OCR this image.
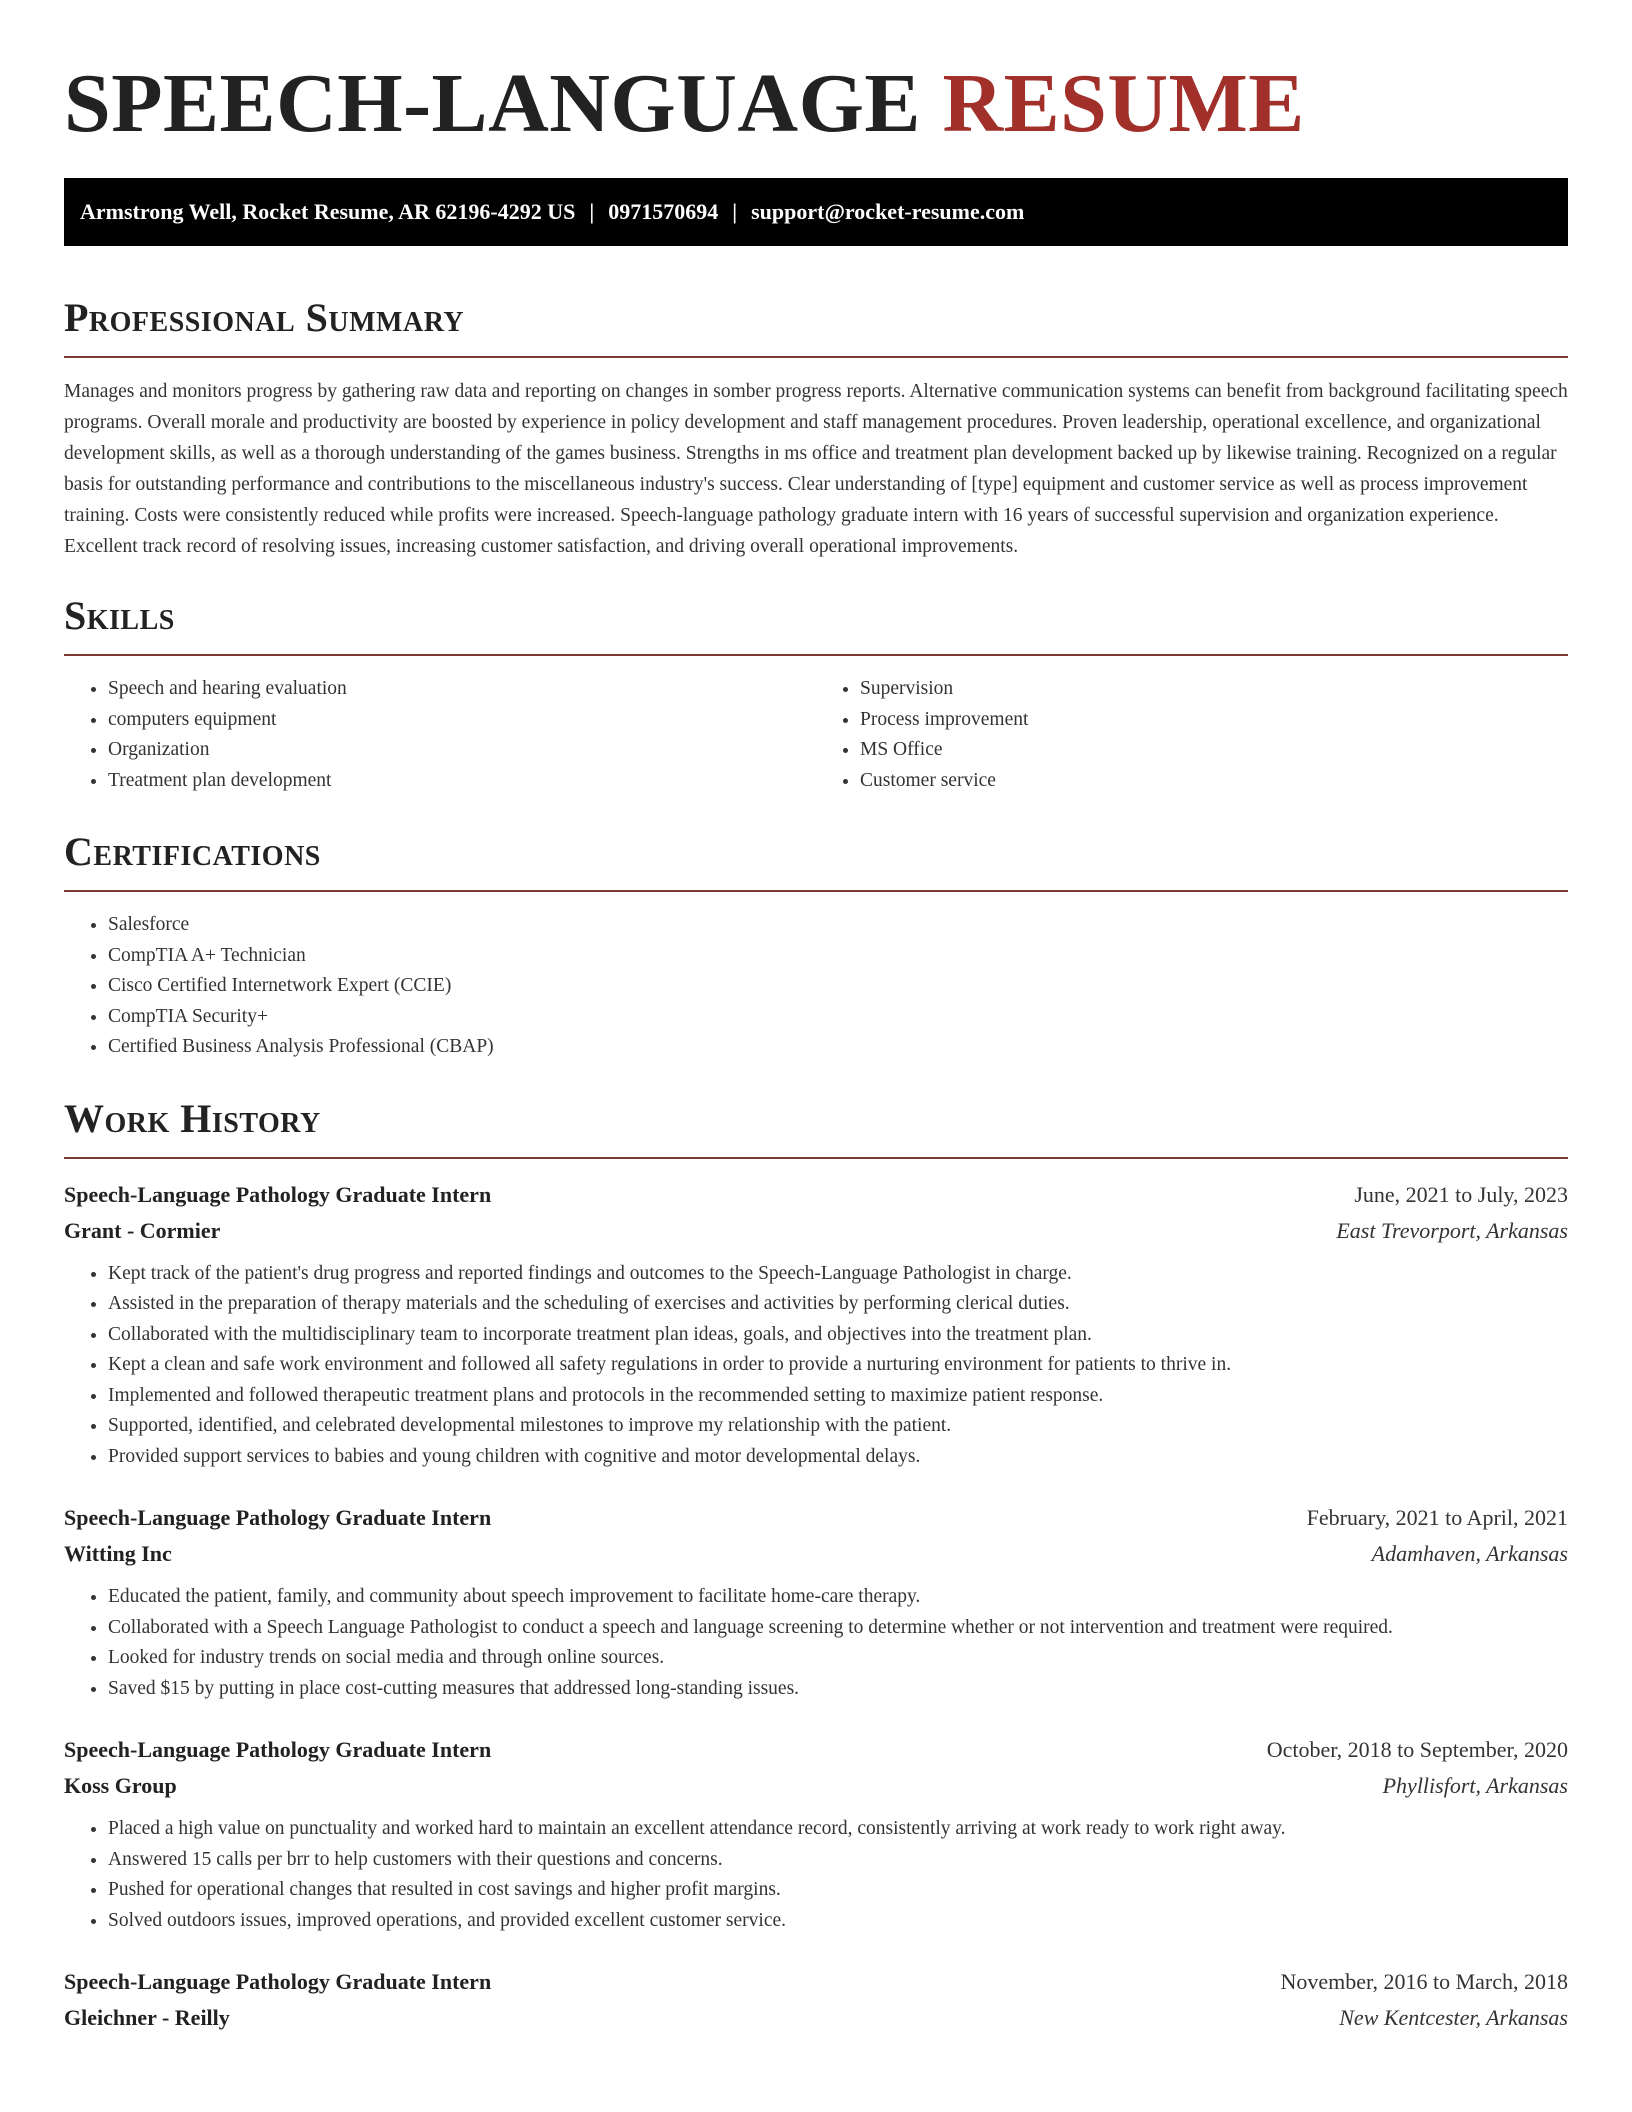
SPEECH-LANGUAGE RESUME
Armstrong Well, Rocket Resume, AR 62196-4292 US | 0971570694 | support@rocket-resume.com
Professional Summary

Manages and monitors progress by gathering raw data and reporting on changes in somber progress reports. Alternative communication systems can benefit from background facilitating speech programs. Overall morale and productivity are boosted by experience in policy development and staff management procedures. Proven leadership, operational excellence, and organizational development skills, as well as a thorough understanding of the games business. Strengths in ms office and treatment plan development backed up by likewise training. Recognized on a regular basis for outstanding performance and contributions to the miscellaneous industry's success. Clear understanding of [type] equipment and customer service as well as process improvement training. Costs were consistently reduced while profits were increased. Speech-language pathology graduate intern with 16 years of successful supervision and organization experience. Excellent track record of resolving issues, increasing customer satisfaction, and driving overall operational improvements.

Skills
• Speech and hearing evaluation
• computers equipment
• Organization
• Treatment plan development
• Supervision
• Process improvement
• MS Office
• Customer service
Certifications
• Salesforce
• CompTIA A+ Technician
• Cisco Certified Internetwork Expert (CCIE)
• CompTIA Security+
• Certified Business Analysis Professional (CBAP)
Work History
Speech-Language Pathology Graduate Intern	June, 2021 to July, 2023
Grant - Cormier	East Trevorport, Arkansas
• Kept track of the patient's drug progress and reported findings and outcomes to the Speech-Language Pathologist in charge.
• Assisted in the preparation of therapy materials and the scheduling of exercises and activities by performing clerical duties.
• Collaborated with the multidisciplinary team to incorporate treatment plan ideas, goals, and objectives into the treatment plan.
• Kept a clean and safe work environment and followed all safety regulations in order to provide a nurturing environment for patients to thrive in.
• Implemented and followed therapeutic treatment plans and protocols in the recommended setting to maximize patient response.
• Supported, identified, and celebrated developmental milestones to improve my relationship with the patient.
• Provided support services to babies and young children with cognitive and motor developmental delays.
Speech-Language Pathology Graduate Intern	February, 2021 to April, 2021
Witting Inc	Adamhaven, Arkansas
• Educated the patient, family, and community about speech improvement to facilitate home-care therapy.
• Collaborated with a Speech Language Pathologist to conduct a speech and language screening to determine whether or not intervention and treatment were required.
• Looked for industry trends on social media and through online sources.
• Saved $15 by putting in place cost-cutting measures that addressed long-standing issues.
Speech-Language Pathology Graduate Intern	October, 2018 to September, 2020
Koss Group	Phyllisfort, Arkansas
• Placed a high value on punctuality and worked hard to maintain an excellent attendance record, consistently arriving at work ready to work right away.
• Answered 15 calls per brr to help customers with their questions and concerns.
• Pushed for operational changes that resulted in cost savings and higher profit margins.
• Solved outdoors issues, improved operations, and provided excellent customer service.
Speech-Language Pathology Graduate Intern	November, 2016 to March, 2018
Gleichner - Reilly	New Kentcester, Arkansas
